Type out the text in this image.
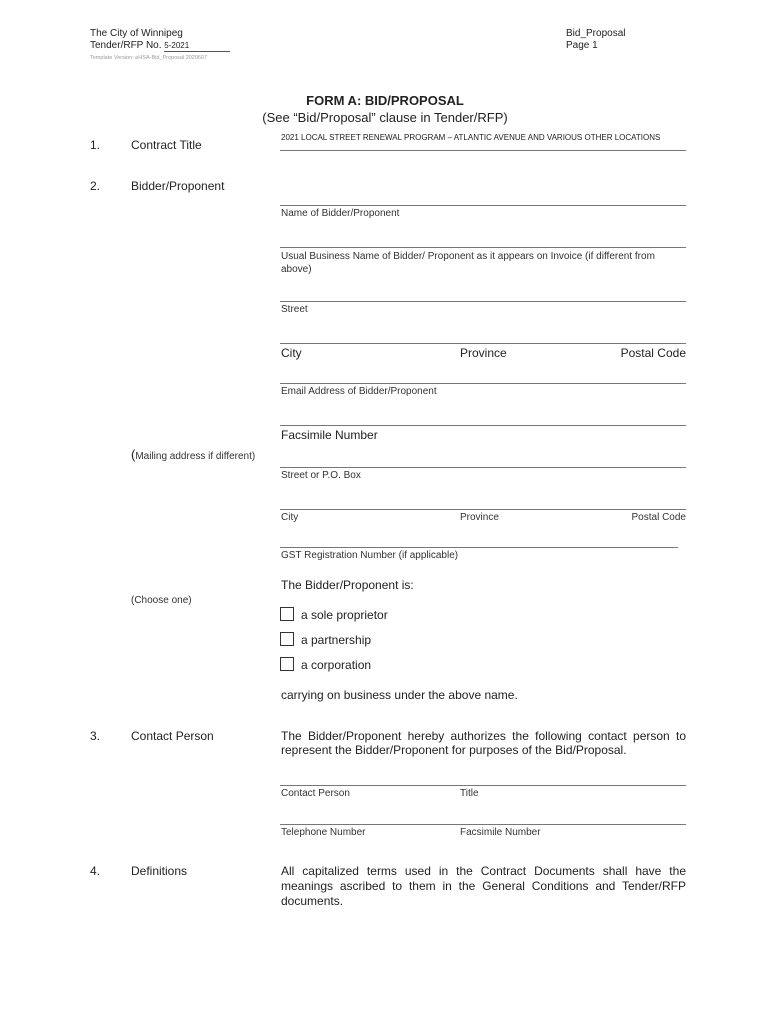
The City of Winnipeg
Tender/RFP No. 5-2021
Template Version: eHSA-Bid_Proposal 2020607
Bid_Proposal
Page 1
FORM A: BID/PROPOSAL
(See “Bid/Proposal” clause in Tender/RFP)
1.	Contract Title
2021 LOCAL STREET RENEWAL PROGRAM – ATLANTIC AVENUE AND VARIOUS OTHER LOCATIONS
2.	Bidder/Proponent
Name of Bidder/Proponent
Usual Business Name of Bidder/ Proponent as it appears on Invoice (if different from above)
Street
City	Province	Postal Code
Email Address of Bidder/Proponent
Facsimile Number
(Mailing address if different)
Street or P.O. Box
City	Province	Postal Code
GST Registration Number (if applicable)
The Bidder/Proponent is:
(Choose one)
a sole proprietor
a partnership
a corporation
carrying on business under the above name.
3.	Contact Person	The Bidder/Proponent hereby authorizes the following contact person to represent the Bidder/Proponent for purposes of the Bid/Proposal.
Contact Person	Title
Telephone Number	Facsimile Number
4.	Definitions	All capitalized terms used in the Contract Documents shall have the meanings ascribed to them in the General Conditions and Tender/RFP documents.
